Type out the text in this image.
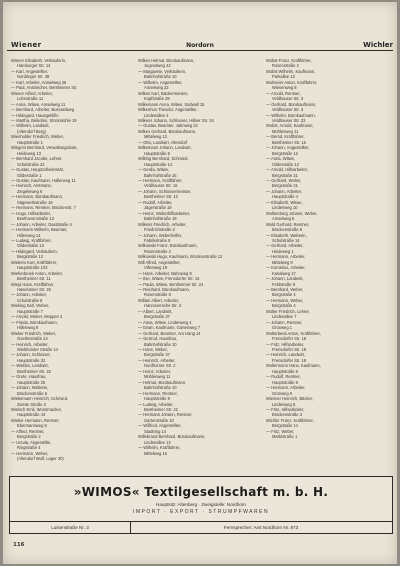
Wiener	Nordorn	Wichler
Wiener Elisabeth, Verkäuferin,
Hamburger Str. 14
— Karl, Angestellter,
Nordringer Str. 38
— Karl, Arbeiter, Amselweg 26
— Paul, Anstreicher, Bentheimer Str.
Wiener Alfred, Arbeiter,
Lohnstraße 11
— Anna, Witwe, Amselweg 11
— Bernhard, Arbeiter, Bussardweg
— Hildegard, Hausgehilfin
— Martha, Beikofen, Stöckmühle 19
— Wilhelm, Landwirt,
(Altendorf Berg)
Wienholder Friedrich, Weber,
Hauptstraße 1
Wiegers Bernhard, Verwaltungsbote,
Heideweg 13
— Bernhard Jacobe, Lehrer,
Schulstraße 22
— Gustav, Hauptzollsekretär,
Gildestraße 1
— Gustav, Kaufmann, Hallerweg 11
— Heinrich, Amtmann,
Ziegeleiweg 6
— Hermann, Bürokaufmann,
Sägewerkstraße 18
— Hermann, Rentner, Brückenstr. 7
— Hugo, Hilfsarbeiter,
Beethovenstraße 13
— Johann, Arbeiter, Gaststraße 4
— Hermann Wilhelm, Beamter,
Hillenweg 14
— Ludwig, Kraftfahrer,
Gildestraße 13
— Hildegard, Verkäuferin,
Bergstraße 13
Wiebers Kurt, Kraftfahrer,
Hauptstraße 103
Wiefenbroek Anton, Arbeiter,
Bentheimer Str. 11
Wieja Hans, Kraftfahrer,
Haselünner Str. 26
— Johann, Arbeiter,
Schulstraße 8
Wieking Karl, Weber,
Hauptstraße 7
— Arnold, Weber, Meppen 2
— Frieda, Bürokaufmann,
Hillenweg 8
Wieker Friedrich, Weber,
Goethestraße 22
— Heinrich, Arbeiter,
Wiekhorster Straße 14
— Johann, Schlosser,
Hauptstraße 32
— Wiebke, Landwirt,
Bentheimer Str. 22
— Grete, Hausfrau,
Hauptstraße 25
— Johann, Weberei,
Brückenstraße 5
Wiekemann Heinrich, Schmied,
Zweite Straße 3
Wielsch Emil, Wurstmacher,
Hauptstraße 43
Wieker Hermann, Rentner,
Ebermannweg 8
— Alfred, Rentner,
Bergstraße 2
— Ursula, Angestellte,
Ringstraße 4
— Hermann, Weber,
(Altendorf Wulf, Lager 30)
Wilkes Helmut, Bürokaufmann,
Jugendweg 42
— Margarete, Verkäuferin,
Bahnhofstraße 10
— Wilhelm, Angestellter,
Amselweg 22
Wilken Karl, Bäckermeister,
Kopfstraße 28
Wilkemann Anna, Witwe, Südwall 15
Wilkenhus Theodor, Angestellter,
Lindenallee 2
Wilkens Johann, Schlosser, Hillner Str. 34
— Gustav, Beamter, Jahnweg 22
Wilkes Gerhard, Bürokaufmann,
Mittelweg 12
— Otto, Landwirt, Altendorf
Wilkemann Johann, Landwirt,
Hauptstraße 5
Wilking Bernhard, Schmied,
Hauptstraße 14
— Gerda, Witwe,
Bahnhofstraße 16
— Hermann, Kraftfahrer,
Veldhauser Str. 16
— Johann, Schlossermeister,
Bentheimer Str. 12
— Rudolf, Arbeiter,
Jägerstraße 19
— Heinz, Weberhilfsarbeiter,
Bahnhofstraße 19
Wilkens Friedrich, Arbeiter,
Friedrichstraße 2
— Johann, Weberhelfer,
Fabrikstraße 8
Wilkowski Franz, Bürokaufmann,
Rosenstraße 2
Wilkowski Hugo, Kaufmann, Brückenstraße 12
Will Alfred, Angestellter,
Villenweg 19
— Hans, Arbeiter, Bahnweg 9
— Ilse, Witwe, Frensdorfer Str. 16
— Paula, Witwe, Bentheimer Str. 24
— Reinhard, Bürokaufmann,
Rosenstraße 8
Willam Albert, Arbeiter,
Hannoversche Str. 2
— Albert, Landwirt,
Bergstraße 37
— Anna, Witwe, Lindenweg 4
— Erwin, Kaufmann, Gartenweg 7
— Gerhard, Beamter, Am Hang 14
— Gertrud, Hausfrau,
Bahnhofstraße 10
— Hans, Weber,
Bergstraße 37
— Heinrich, Arbeiter,
Nordhorner Str. 2
— Heinz, Arbeiter,
Mühlenweg 11
— Helmut, Bürokaufmann,
Bahnhofstraße 10
— Hermann, Rentner,
Hauptstraße 9
— Ludwig, Arbeiter,
Bentheimer Str. 22
— Hermann Johann, Rentner,
Gartenstraße 10
— Wilfried, Angestellter,
Stadtring 14
Willebrand Bernhard, Bürokaufmann,
Lindenallee 13
— Wilhelm, Kraftfahrer,
Mittelweg 16
Wobst Franz, Kraftfahrer,
Rosenstraße 2
Wobst Wilhelm, Kaufmann,
Parkallee 13
Wolmeier Anton, Kraftfahrer,
Wiesenweg 8
— Arnold, Rentner,
Veldhauser Str. 3
— Gerhard, Bürokaufmann,
Veldhauser Str. 3
— Wilhelm, Bürokaufmann,
Veldhauser Str. 33
Wobst, Arnold, Kaufmann,
Mühlenweg 11
— Bernd, Kraftfahrer,
Bentheimer Str. 15
— Johann, Angestellter,
Bergstraße 12
— Anna, Witwe,
Gildestraße 12
— Arnold, Hilfsarbeiter,
Bergstraße 21
— Gerhard, Weber,
Bergstraße 21
— Johann, Arbeiter,
Hauptstraße 4
— Elisabeth, Witwe,
Lindenweg 10
Wolkenberg Johann, Weber,
Amselweg 6
Wold Gerhard, Rentner,
Brückenstraße 8
— Elisabeth, Weberin,
Schulstraße 14
— Gerhard, Arbeiter,
Heideweg 1
— Hermann, Arbeiter,
Mittelweg 9
— Kornelius, Arbeiter,
Kanalweg 17
— Johann, Landwirt,
Feldstraße 9
— Bernhard, Weber,
Bergstraße 4
— Hermann, Weber,
Bergstraße 4
Wolter Friedrich, Lehrer,
Lindenallee 7
— Johann, Rentner,
Grünweg 1
Wolterbeek Anton, Kraftfahrer,
Frensdorfer Str. 18
— Fritz, Hilfsarbeiter,
Frensdorfer Str. 18
— Heinrich, Landwirt,
Frensdorfer Str. 18
Woltermann Hans, Kaufmann,
Hauptstraße 9
— Rudolf, Rentner,
Hauptstraße 9
— Hermann, Arbeiter,
Grünweg 9
Wiesner Heinrich, Bäcker,
Lindenweg 8
— Fritz, Hilfsarbeiter,
Brückenstraße 3
Wichler Franz, Kraftfahrer,
Bergstraße 14
— Fritz, Weber,
Marktstraße 1
»WIMOS« Textilgesellschaft m. b. H.
Hauptsitz: Altenberg · Zweigstelle: Nordhorn
IMPORT · EXPORT · STRUMPFWAREN
Luisenstraße Nr. 3	Fernsprecher: Amt Nordhorn Nr. 873
116
